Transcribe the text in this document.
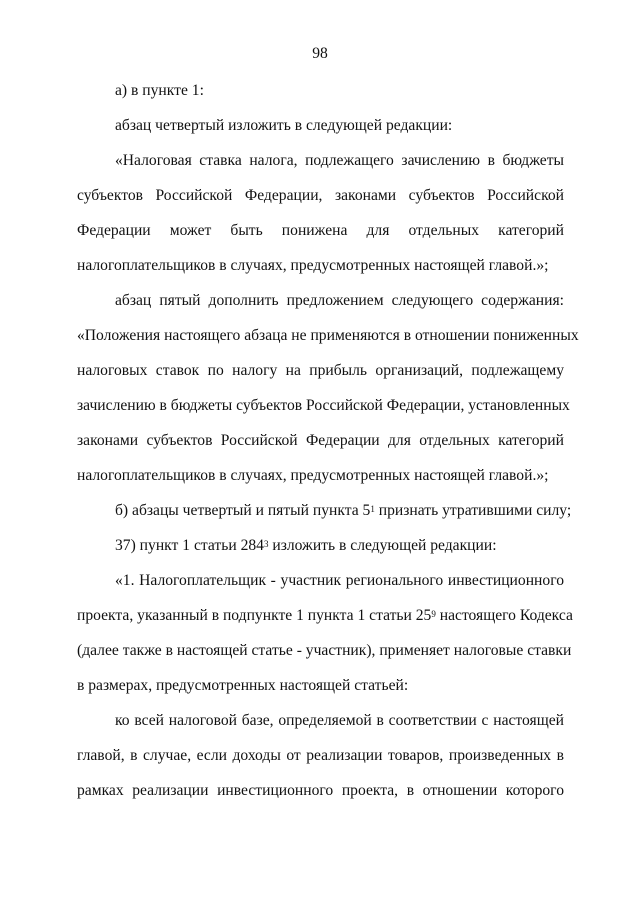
98
а) в пункте 1:
абзац четвертый изложить в следующей редакции:
«Налоговая ставка налога, подлежащего зачислению в бюджеты
субъектов Российской Федерации, законами субъектов Российской
Федерации может быть понижена для отдельных категорий
налогоплательщиков в случаях, предусмотренных настоящей главой.»;
абзац пятый дополнить предложением следующего содержания:
«Положения настоящего абзаца не применяются в отношении пониженных
налоговых ставок по налогу на прибыль организаций, подлежащему
зачислению в бюджеты субъектов Российской Федерации, установленных
законами субъектов Российской Федерации для отдельных категорий
налогоплательщиков в случаях, предусмотренных настоящей главой.»;
б) абзацы четвертый и пятый пункта $5^1$ признать утратившими силу;
37) пункт 1 статьи $284^3$ изложить в следующей редакции:
«1. Налогоплательщик - участник регионального инвестиционного
проекта, указанный в подпункте 1 пункта 1 статьи $25^9$ настоящего Кодекса
(далее также в настоящей статье - участник), применяет налоговые ставки
в размерах, предусмотренных настоящей статьей:
ко всей налоговой базе, определяемой в соответствии с настоящей
главой, в случае, если доходы от реализации товаров, произведенных в
рамках реализации инвестиционного проекта, в отношении которого
